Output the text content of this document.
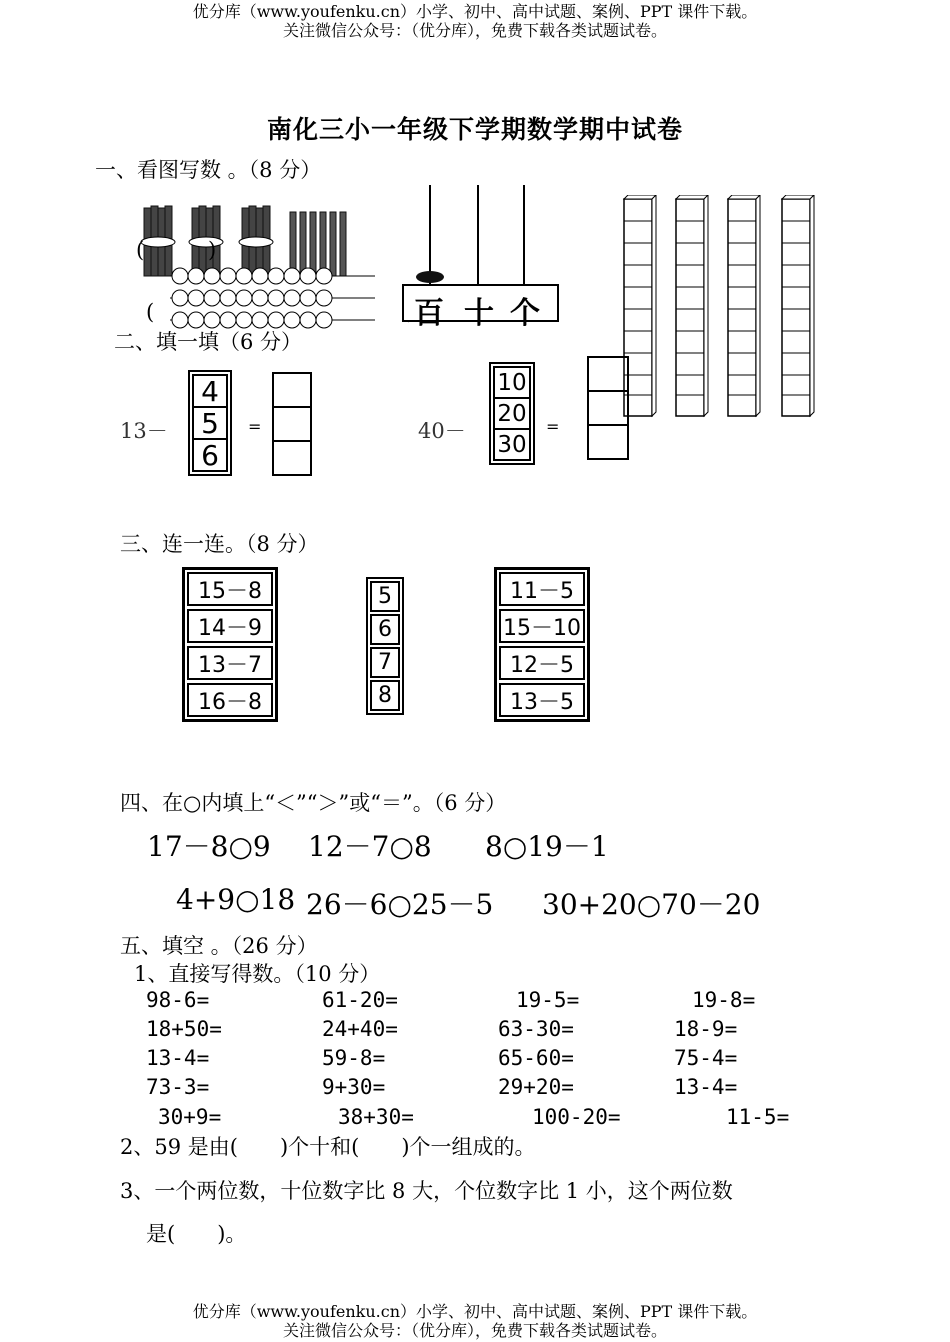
优分库（www.youfenku.cn）小学、初中、高中试题、案例、PPT 课件下载。
关注微信公众号：（优分库），免费下载各类试题试卷。
南化三小一年级下学期数学期中试卷
一、看图写数 。（8 分）
(	)
(	百 十 个
二、填一填（6 分）
13－
4
5
6
=	40－
10
20
30
=
三、连一连。（8 分）
15－8
14－9
13－7
16－8
5
6
7
8
11－5
15－10
12－5
13－5
四、在○内填上“＜”“＞”或“＝”。（6 分）
17－8○9 12－7○8 8○19－1
4+9○18 26－6○25－5 30+20○70－20
五、填空 。（26 分）
1、直接写得数。（10 分）
98-6=	61-20=	19-5=	19-8=
18+50=	24+40=	63-30=	18-9=
13-4=	59-8=	65-60=	75-4=
73-3=	9+30=	29+20=	13-4=
30+9=	38+30=	100-20=	11-5=
2、59 是由(　　)个十和(　　)个一组成的。
3、一个两位数，十位数字比 8 大，个位数字比 1 小，这个两位数
是(　　)。
优分库（www.youfenku.cn）小学、初中、高中试题、案例、PPT 课件下载。
关注微信公众号：（优分库），免费下载各类试题试卷。
